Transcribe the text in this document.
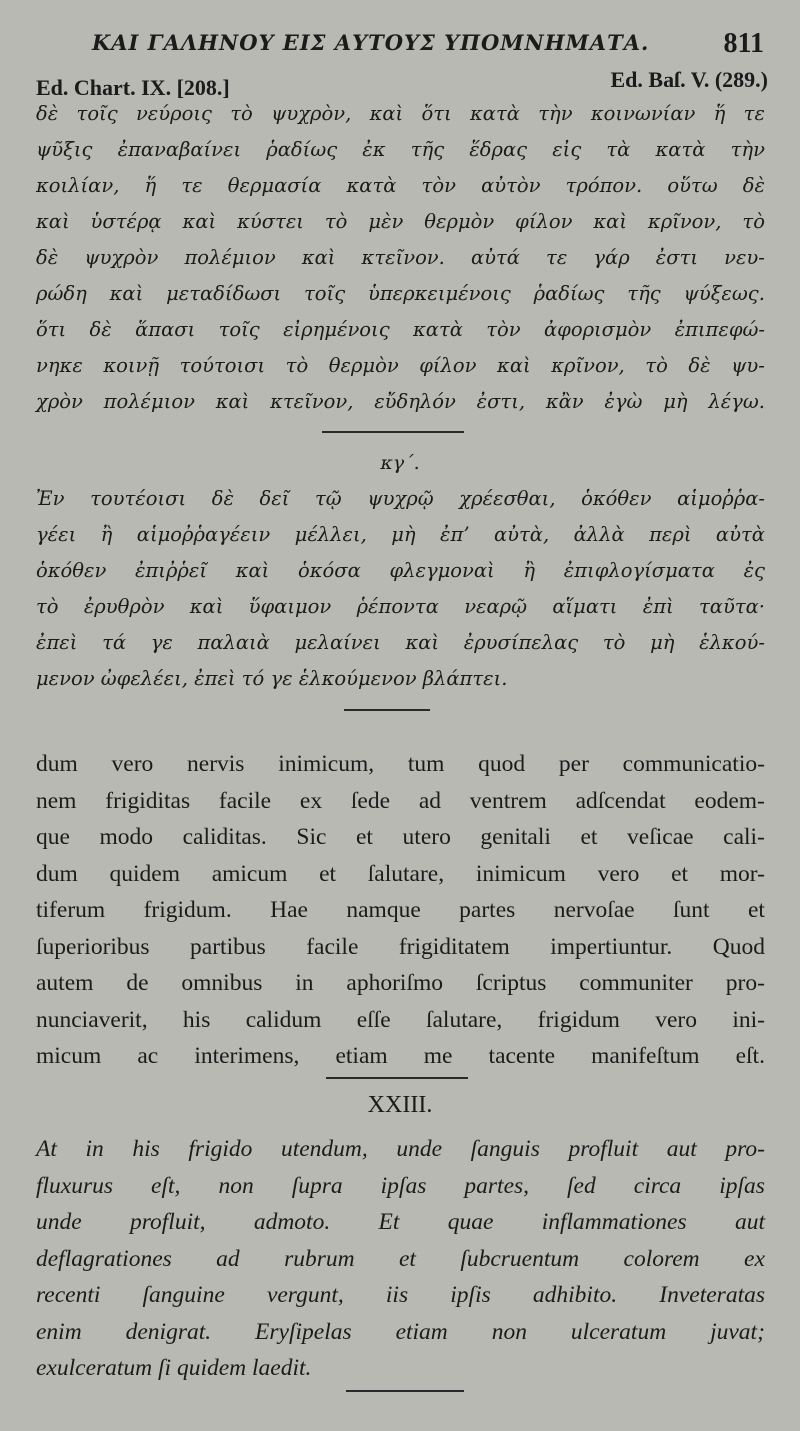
ΚΑΙ ΓΑΛΗΝΟΥ ΕΙΣ ΑΥΤΟΥΣ ΥΠΟΜΝΗΜΑΤΑ.	811
Ed. Chart. IX. [208.]	Ed. Baſ. V. (289.)
δὲ τοῖς νεύροις τὸ ψυχρὸν, καὶ ὅτι κατὰ τὴν κοινωνίαν ἥ τε
ψῦξις ἐπαναβαίνει ῥαδίως ἐκ τῆς ἕδρας εἰς τὰ κατὰ τὴν
κοιλίαν, ἥ τε θερμασία κατὰ τὸν αὐτὸν τρόπον. οὕτω δὲ
καὶ ὑστέρᾳ καὶ κύστει τὸ μὲν θερμὸν φίλον καὶ κρῖνον, τὸ
δὲ ψυχρὸν πολέμιον καὶ κτεῖνον. αὐτά τε γάρ ἐστι νευ-
ρώδη καὶ μεταδίδωσι τοῖς ὑπερκειμένοις ῥαδίως τῆς ψύξεως.
ὅτι δὲ ἅπασι τοῖς εἰρημένοις κατὰ τὸν ἀφορισμὸν ἐπιπεφώ-
νηκε κοινῇ τούτοισι τὸ θερμὸν φίλον καὶ κρῖνον, τὸ δὲ ψυ-
χρὸν πολέμιον καὶ κτεῖνον, εὔδηλόν ἐστι, κἂν ἐγὼ μὴ λέγω.
κγ΄.
Ἐν τουτέοισι δὲ δεῖ τῷ ψυχρῷ χρέεσθαι, ὁκόθεν αἱμοῤῥα-
γέει ἢ αἱμοῤῥαγέειν μέλλει, μὴ ἐπ’ αὐτὰ, ἀλλὰ περὶ αὐτὰ
ὁκόθεν ἐπιῤῥεῖ καὶ ὁκόσα φλεγμοναὶ ἢ ἐπιφλογίσματα ἐς
τὸ ἐρυθρὸν καὶ ὕφαιμον ῥέποντα νεαρῷ αἵματι ἐπὶ ταῦτα·
ἐπεὶ τά γε παλαιὰ μελαίνει καὶ ἐρυσίπελας τὸ μὴ ἑλκού-
μενον ὠφελέει, ἐπεὶ τό γε ἑλκούμενον βλάπτει.
dum vero nervis inimicum, tum quod per communicatio-
nem frigiditas facile ex ſede ad ventrem adſcendat eodem-
que modo caliditas. Sic et utero genitali et veſicae cali-
dum quidem amicum et ſalutare, inimicum vero et mor-
tiferum frigidum. Hae namque partes nervoſae ſunt et
ſuperioribus partibus facile frigiditatem impertiuntur. Quod
autem de omnibus in aphoriſmo ſcriptus communiter pro-
nunciaverit, his calidum eſſe ſalutare, frigidum vero ini-
micum ac interimens, etiam me tacente manifeſtum eſt.
XXIII.
At in his frigido utendum, unde ſanguis profluit aut pro-
fluxurus eſt, non ſupra ipſas partes, ſed circa ipſas
unde profluit, admoto. Et quae inflammationes aut
deflagrationes ad rubrum et ſubcruentum colorem ex
recenti ſanguine vergunt, iis ipſis adhibito. Inveteratas
enim denigrat. Eryſipelas etiam non ulceratum juvat;
exulceratum ſi quidem laedit.
